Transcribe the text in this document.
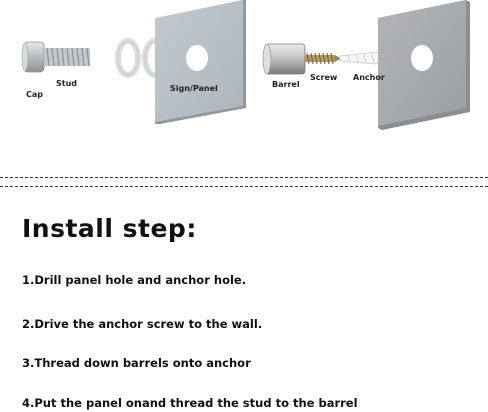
Cap
Stud
Sign/Panel	Barrel
Screw Anchor
Install step:
1.Drill panel hole and anchor hole.
2.Drive the anchor screw to the wall.
3.Thread down barrels onto anchor
4.Put the panel onand thread the stud to the barrel
